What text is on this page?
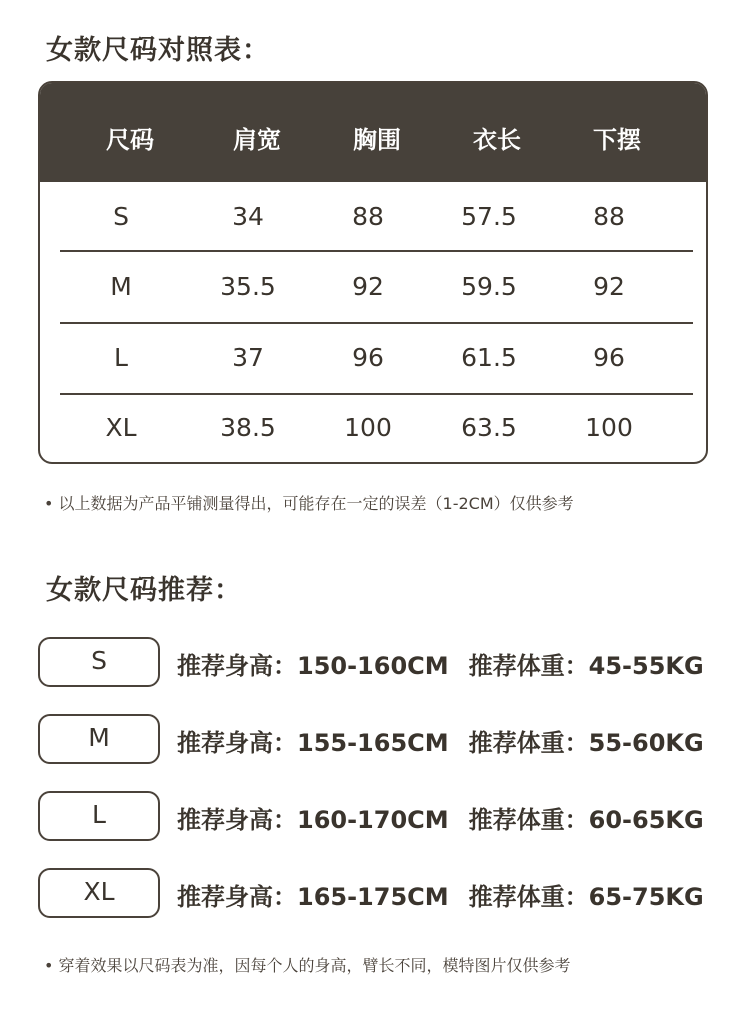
女款尺码对照表：
尺码	肩宽	胸围	衣长	下摆
S	34	88	57.5	88
M	35.5	92	59.5	92
L	37	96	61.5	96
XL	38.5	100	63.5	100
• 以上数据为产品平铺测量得出，可能存在一定的误差（1-2CM）仅供参考
女款尺码推荐：
S	推荐身高：150-160CM 推荐体重：45-55KG
M	推荐身高：155-165CM 推荐体重：55-60KG
L	推荐身高：160-170CM 推荐体重：60-65KG
XL	推荐身高：165-175CM 推荐体重：65-75KG
• 穿着效果以尺码表为准，因每个人的身高，臂长不同，模特图片仅供参考
